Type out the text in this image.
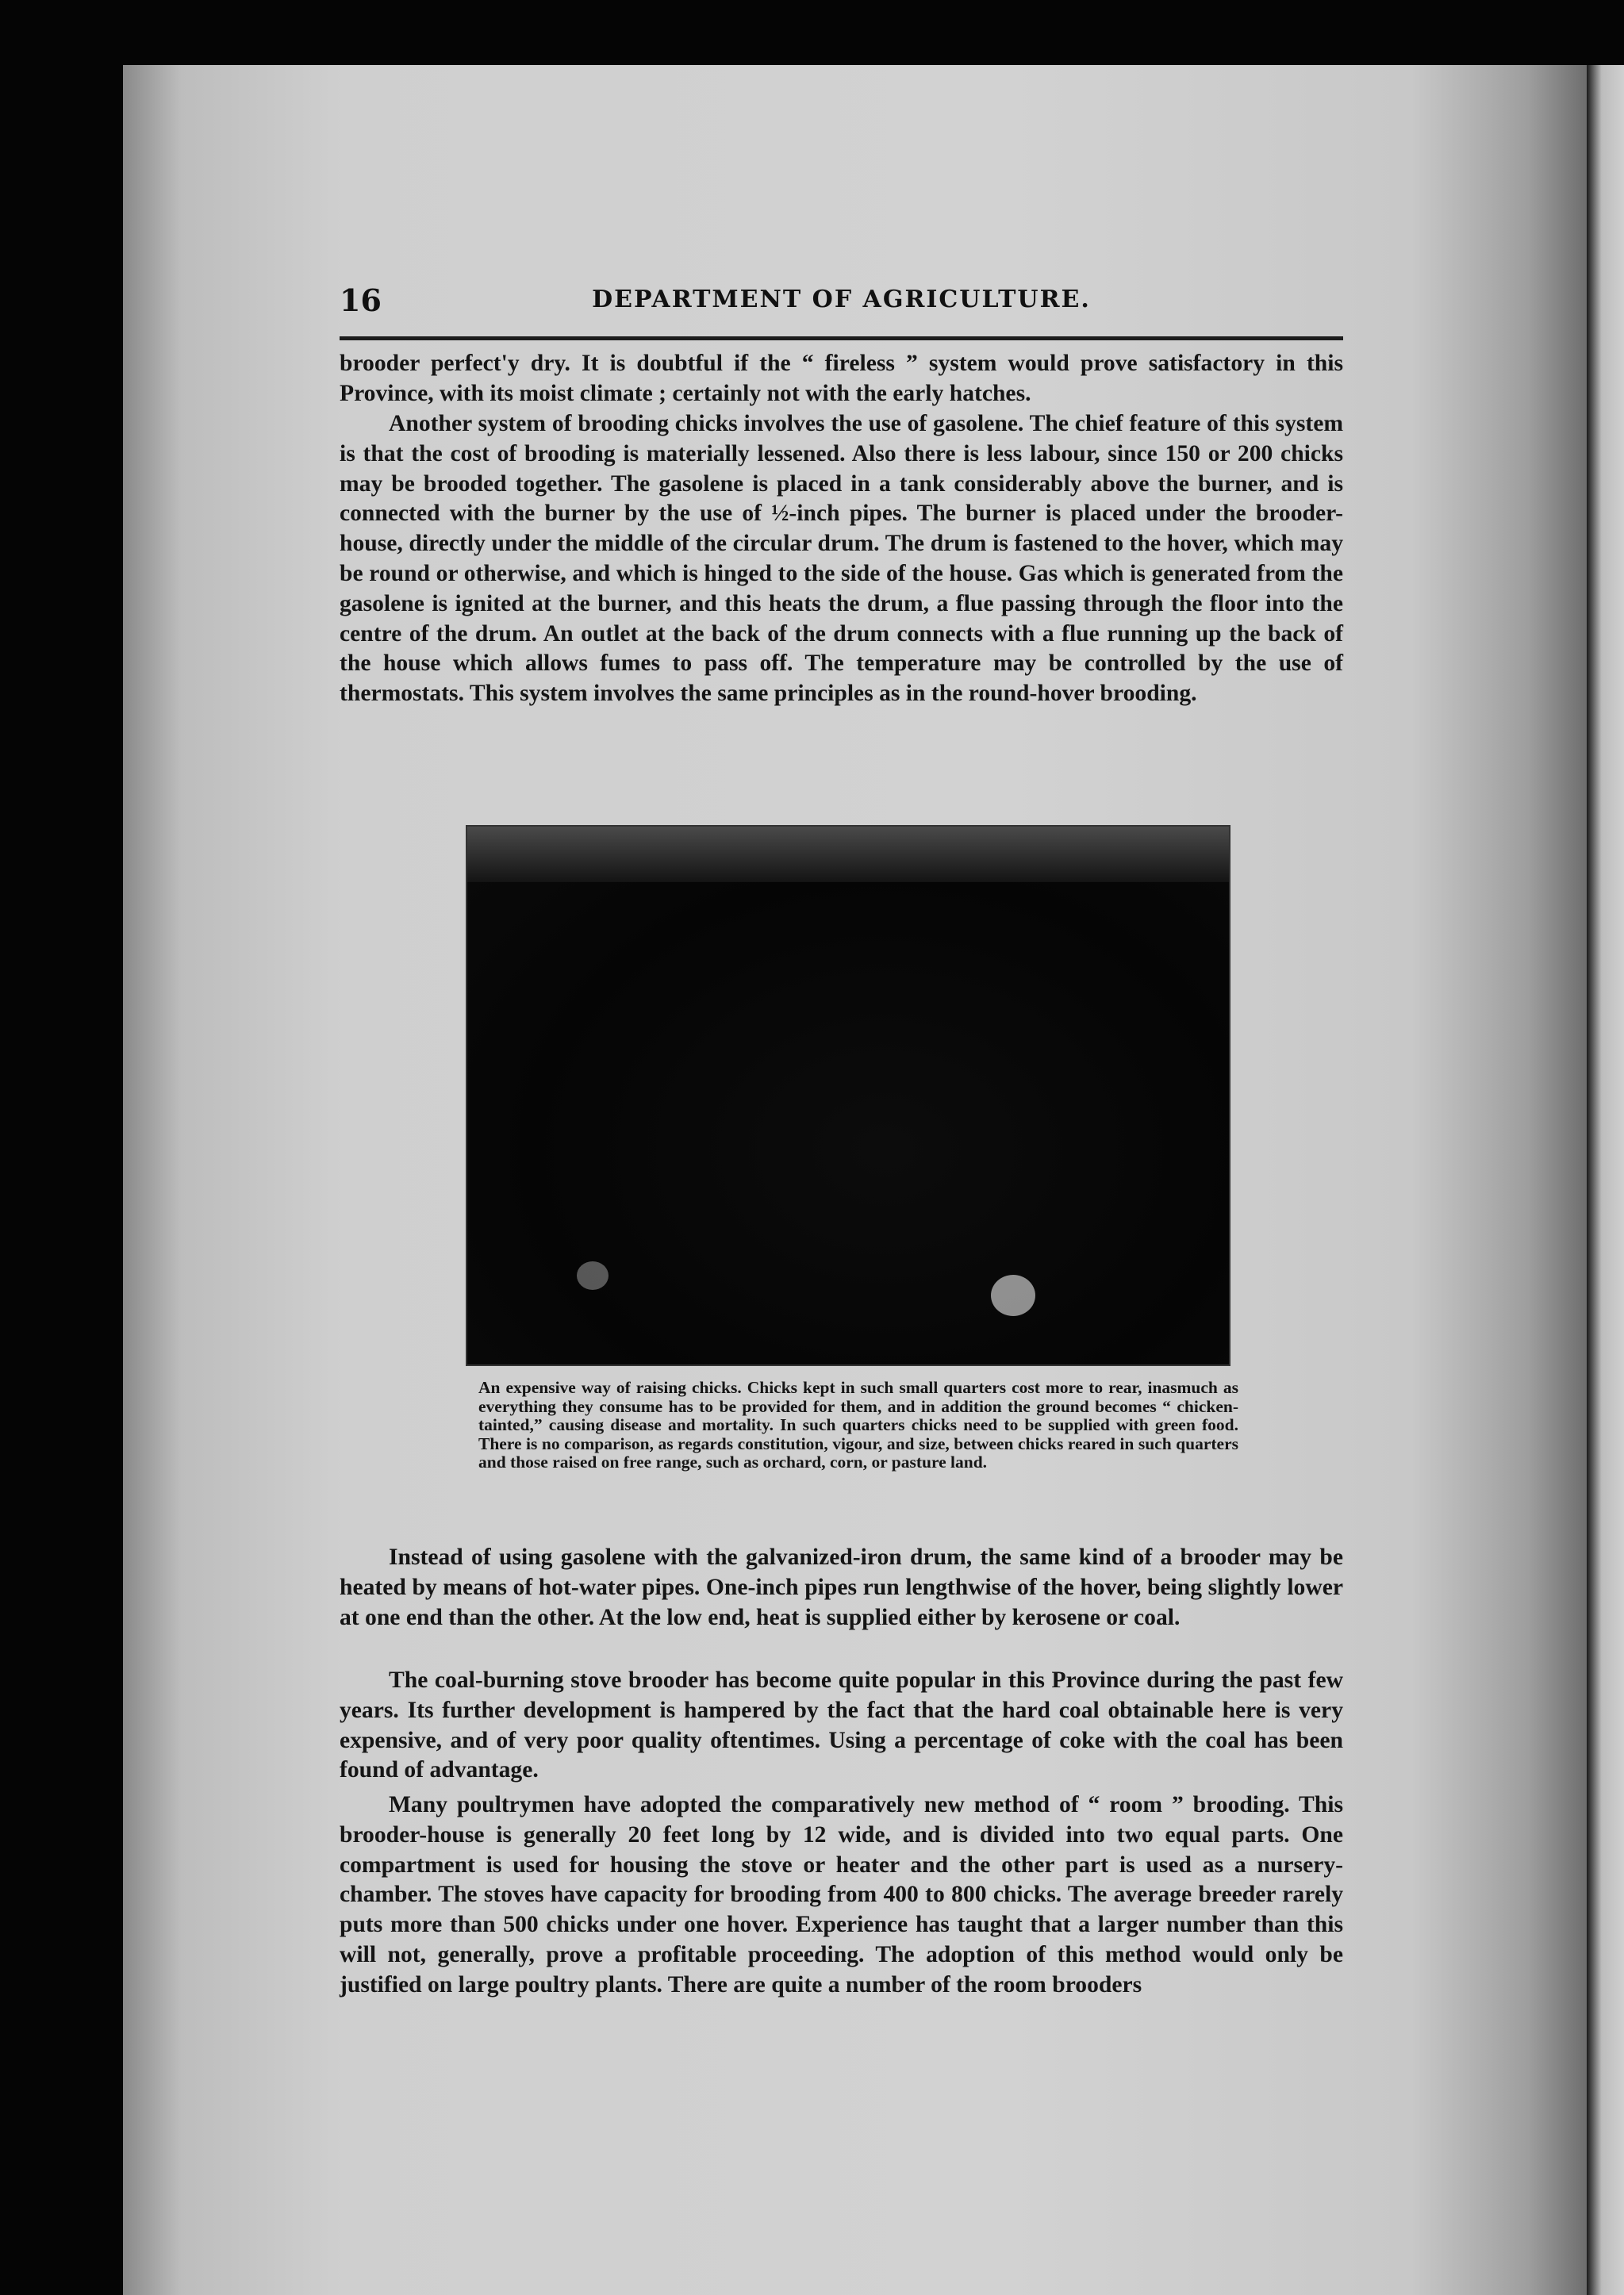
16	DEPARTMENT OF AGRICULTURE.

brooder perfect'y dry. It is doubtful if the “ fireless ” system would prove satisfactory in this Province, with its moist climate ; certainly not with the early hatches.

Another system of brooding chicks involves the use of gasolene. The chief feature of this system is that the cost of brooding is materially lessened. Also there is less labour, since 150 or 200 chicks may be brooded together. The gasolene is placed in a tank considerably above the burner, and is connected with the burner by the use of ½-inch pipes. The burner is placed under the brooder-house, directly under the middle of the circular drum. The drum is fastened to the hover, which may be round or otherwise, and which is hinged to the side of the house. Gas which is generated from the gasolene is ignited at the burner, and this heats the drum, a flue passing through the floor into the centre of the drum. An outlet at the back of the drum connects with a flue running up the back of the house which allows fumes to pass off. The temperature may be controlled by the use of thermostats. This system involves the same principles as in the round-hover brooding.

An expensive way of raising chicks. Chicks kept in such small quarters cost more to rear, inasmuch as everything they consume has to be provided for them, and in addition the ground becomes “ chicken-tainted,” causing disease and mortality. In such quarters chicks need to be supplied with green food. There is no comparison, as regards constitution, vigour, and size, between chicks reared in such quarters and those raised on free range, such as orchard, corn, or pasture land.

Instead of using gasolene with the galvanized-iron drum, the same kind of a brooder may be heated by means of hot-water pipes. One-inch pipes run lengthwise of the hover, being slightly lower at one end than the other. At the low end, heat is supplied either by kerosene or coal.

The coal-burning stove brooder has become quite popular in this Province during the past few years. Its further development is hampered by the fact that the hard coal obtainable here is very expensive, and of very poor quality oftentimes. Using a percentage of coke with the coal has been found of advantage.

Many poultrymen have adopted the comparatively new method of “ room ” brooding. This brooder-house is generally 20 feet long by 12 wide, and is divided into two equal parts. One compartment is used for housing the stove or heater and the other part is used as a nursery-chamber. The stoves have capacity for brooding from 400 to 800 chicks. The average breeder rarely puts more than 500 chicks under one hover. Experience has taught that a larger number than this will not, generally, prove a profitable proceeding. The adoption of this method would only be justified on large poultry plants. There are quite a number of the room brooders
